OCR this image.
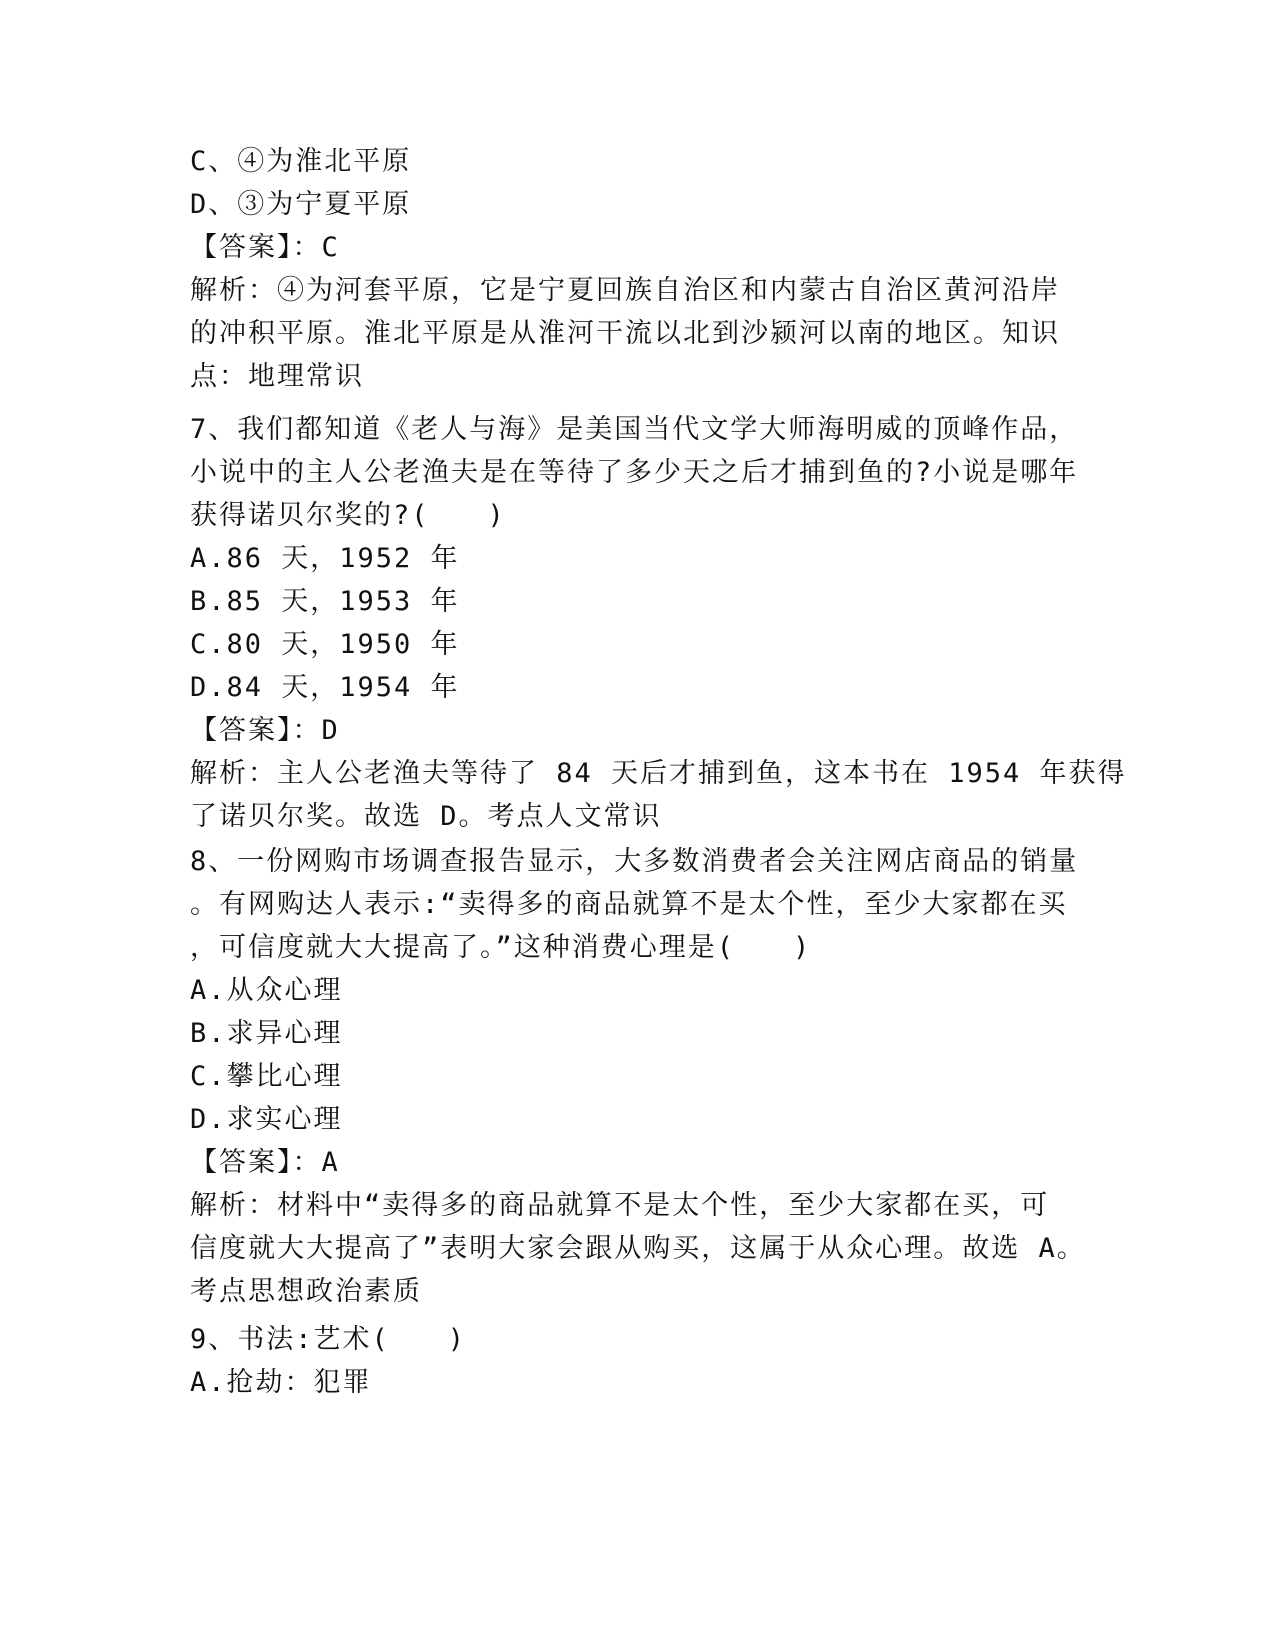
C、④为淮北平原
D、③为宁夏平原
【答案】：C
解析：④为河套平原，它是宁夏回族自治区和内蒙古自治区黄河沿岸
的冲积平原。淮北平原是从淮河干流以北到沙颍河以南的地区。知识
点：地理常识
7、我们都知道《老人与海》是美国当代文学大师海明威的顶峰作品，
小说中的主人公老渔夫是在等待了多少天之后才捕到鱼的?小说是哪年
获得诺贝尔奖的?(　　)
A.86 天，1952 年
B.85 天，1953 年
C.80 天，1950 年
D.84 天，1954 年
【答案】：D
解析：主人公老渔夫等待了 84 天后才捕到鱼，这本书在 1954 年获得
了诺贝尔奖。故选 D。考点人文常识
8、一份网购市场调查报告显示，大多数消费者会关注网店商品的销量
。有网购达人表示:“卖得多的商品就算不是太个性，至少大家都在买
，可信度就大大提高了。”这种消费心理是(　　)
A.从众心理
B.求异心理
C.攀比心理
D.求实心理
【答案】：A
解析：材料中“卖得多的商品就算不是太个性，至少大家都在买，可
信度就大大提高了”表明大家会跟从购买，这属于从众心理。故选 A。
考点思想政治素质
9、书法:艺术(　　)
A.抢劫：犯罪
